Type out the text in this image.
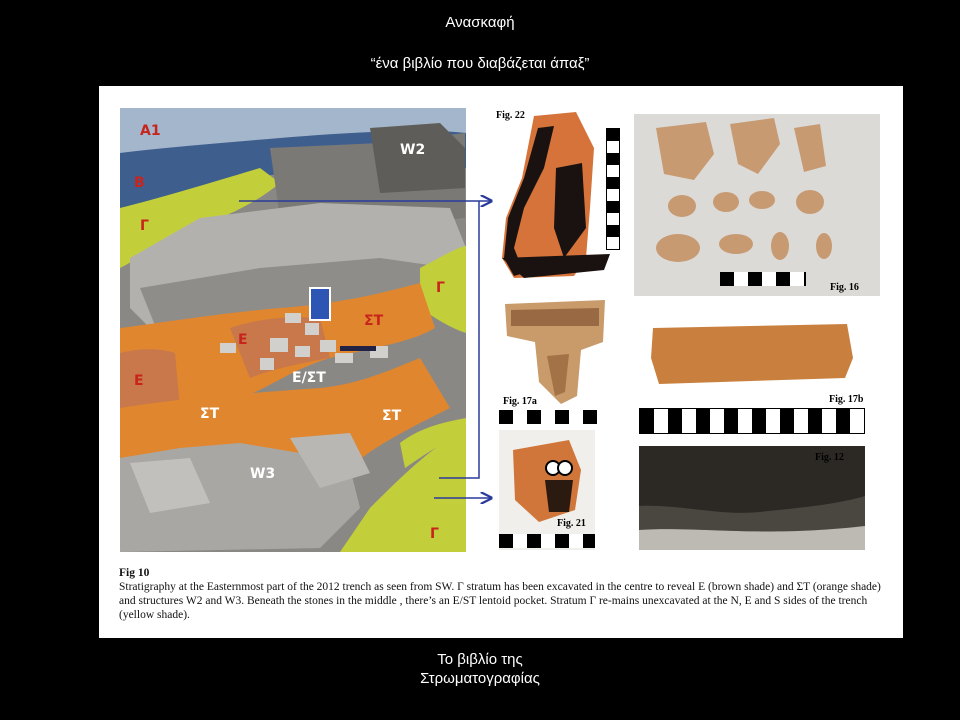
Ανασκαφή
“ένα βιβλίο που διαβάζεται άπαξ”
A1
B
Γ
W2
Γ
ΣΤ
E
E	E/ΣΤ
ΣΤ	ΣΤ
W3
Γ
Fig. 22
Fig. 16
Fig. 17a	Fig. 17b
Fig. 21
Fig. 12
Fig 10
Stratigraphy at the Easternmost part of the 2012 trench as seen from SW. Γ stratum has been excavated in the centre to reveal E (brown shade) and ΣΤ (orange shade) and structures W2 and W3. Beneath the stones in the middle , there’s an E/ST lentoid pocket. Stratum Γ re-mains unexcavated at the N, E and S sides of the trench (yellow shade).
Το βιβλίο της
Στρωματογραφίας
